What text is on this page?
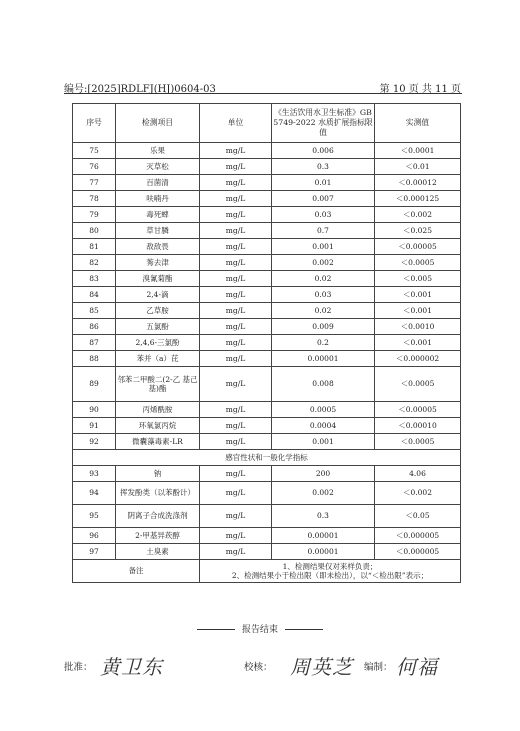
编号:[2025]RDLFJ(HJ)0604-03	第 10 页 共 11 页
序号	检测项目	单位	《生活饮用水卫生标准》GB 5749-2022 水质扩展指标限值	实测值
75	乐果	mg/L	0.006	＜0.0001
76	灭草松	mg/L	0.3	＜0.01
77	百菌清	mg/L	0.01	＜0.00012
78	呋喃丹	mg/L	0.007	＜0.000125
79	毒死蜱	mg/L	0.03	＜0.002
80	草甘膦	mg/L	0.7	＜0.025
81	敌敌畏	mg/L	0.001	＜0.00005
82	莠去津	mg/L	0.002	＜0.0005
83	溴氰菊酯	mg/L	0.02	＜0.005
84	2,4-滴	mg/L	0.03	＜0.001
85	乙草胺	mg/L	0.02	＜0.001
86	五氯酚	mg/L	0.009	＜0.0010
87	2,4,6-三氯酚	mg/L	0.2	＜0.001
88	苯并（a）芘	mg/L	0.00001	＜0.000002
89	邻苯二甲酸二(2-乙 基己基)酯	mg/L	0.008	＜0.0005
90	丙烯酰胺	mg/L	0.0005	＜0.00005
91	环氧氯丙烷	mg/L	0.0004	＜0.00010
92	微囊藻毒素-LR	mg/L	0.001	＜0.0005
感官性状和一般化学指标				
93	钠	mg/L	200	4.06
94	挥发酚类（以苯酚计）	mg/L	0.002	＜0.002
95	阴离子合成洗涤剂	mg/L	0.3	＜0.05
96	2-甲基异莰醇	mg/L	0.00001	＜0.000005
97	土臭素	mg/L	0.00001	＜0.000005
备注		1、检测结果仅对来样负责；
2、检测结果小于检出限（即未检出），以“＜检出限”表示；		
报告结束
批准： 黄卫东	校核： 周英芝 编制： 何福
